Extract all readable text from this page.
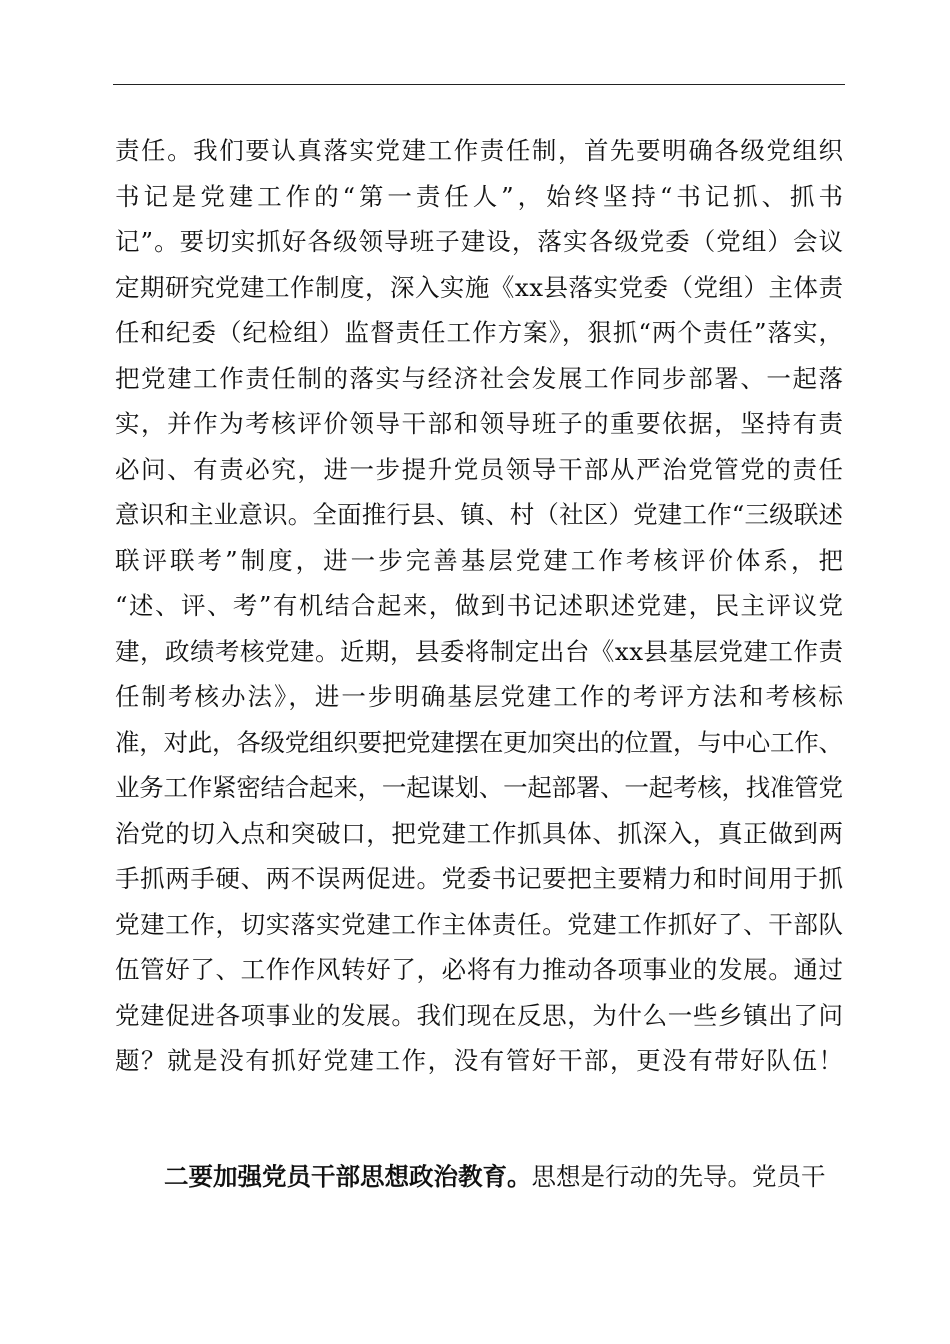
责任。我们要认真落实党建工作责任制，首先要明确各级党组织
书记是党建工作的“第一责任人”，始终坚持“书记抓、抓书
记”。要切实抓好各级领导班子建设，落实各级党委（党组）会议
定期研究党建工作制度，深入实施《xx县落实党委（党组）主体责
任和纪委（纪检组）监督责任工作方案》，狠抓“两个责任”落实，
把党建工作责任制的落实与经济社会发展工作同步部署、一起落
实，并作为考核评价领导干部和领导班子的重要依据，坚持有责
必问、有责必究，进一步提升党员领导干部从严治党管党的责任
意识和主业意识。全面推行县、镇、村（社区）党建工作“三级联述
联评联考”制度，进一步完善基层党建工作考核评价体系，把
“述、评、考”有机结合起来，做到书记述职述党建，民主评议党
建，政绩考核党建。近期，县委将制定出台《xx县基层党建工作责
任制考核办法》，进一步明确基层党建工作的考评方法和考核标
准，对此，各级党组织要把党建摆在更加突出的位置，与中心工作、
业务工作紧密结合起来，一起谋划、一起部署、一起考核，找准管党
治党的切入点和突破口，把党建工作抓具体、抓深入，真正做到两
手抓两手硬、两不误两促进。党委书记要把主要精力和时间用于抓
党建工作，切实落实党建工作主体责任。党建工作抓好了、干部队
伍管好了、工作作风转好了，必将有力推动各项事业的发展。通过
党建促进各项事业的发展。我们现在反思，为什么一些乡镇出了问
题？就是没有抓好党建工作，没有管好干部，更没有带好队伍！
二要加强党员干部思想政治教育。思想是行动的先导。党员干
